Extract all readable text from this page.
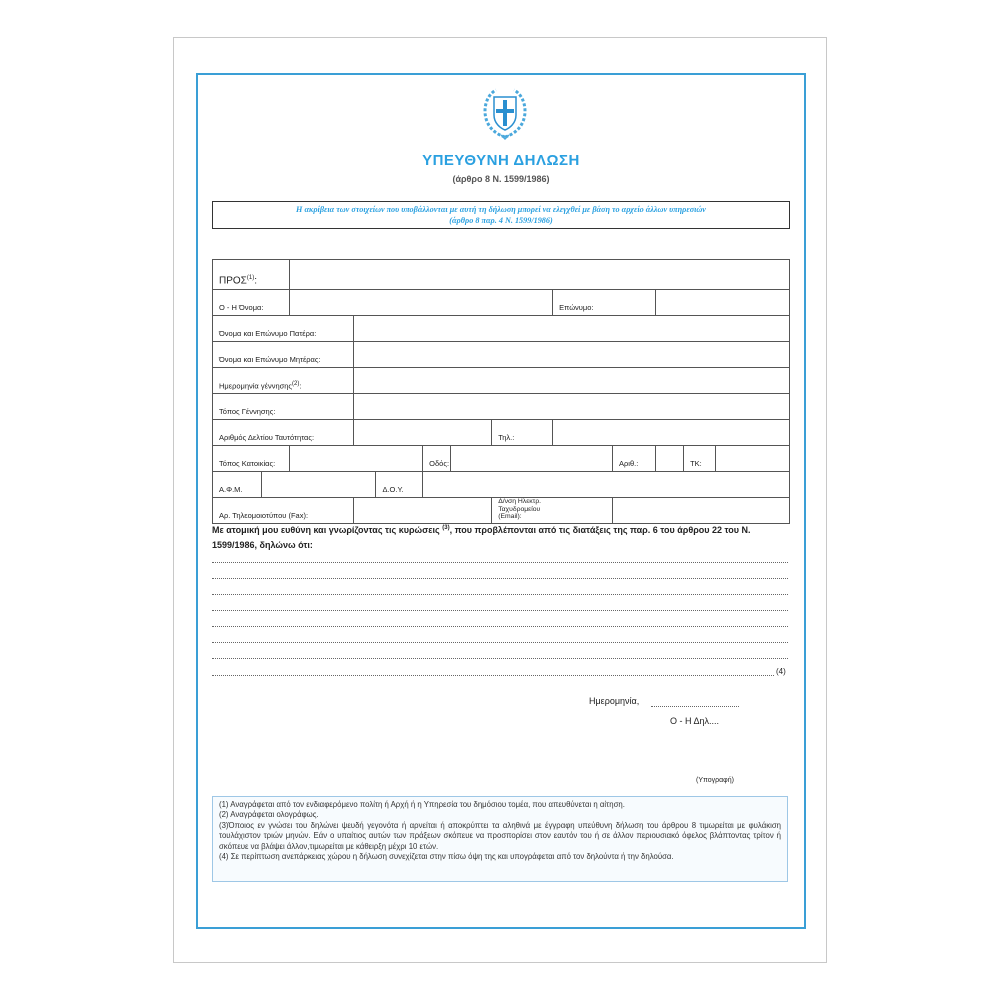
ΥΠΕΥΘΥΝΗ ΔΗΛΩΣΗ
(άρθρο 8 Ν. 1599/1986)
Η ακρίβεια των στοιχείων που υποβάλλονται με αυτή τη δήλωση μπορεί να ελεγχθεί με βάση το αρχείο άλλων υπηρεσιών
(άρθρο 8 παρ. 4 Ν. 1599/1986)
ΠΡΟΣ$^{(1)}$:												
Ο - Η Όνομα:								Επώνυμο:				
Όνομα και Επώνυμο Πατέρα:												
Όνομα και Επώνυμο Μητέρας:												
Ημερομηνία γέννησης$^{(2)}$:												
Τόπος Γέννησης:												
Αριθμός Δελτίου Ταυτότητας:							Τηλ.:					
Τόπος Κατοικίας:					Οδός:				Αριθ.:		ΤΚ:	
Α.Φ.Μ.				Δ.Ο.Υ.								
Αρ. Τηλεομοιοτύπου (Fax):							Δ/νση Ηλεκτρ.
Ταχυδρομείου
(Email):					

Με ατομική μου ευθύνη και γνωρίζοντας τις κυρώσεις $^{(3)}$, που προβλέπονται από τις διατάξεις της παρ. 6 του άρθρου 22 του Ν. 1599/1986, δηλώνω ότι:
(4)
Ημερομηνία,
Ο - Η Δηλ....
(Υπογραφή)

(1) Αναγράφεται από τον ενδιαφερόμενο πολίτη ή Αρχή ή η Υπηρεσία του δημόσιου τομέα, που απευθύνεται η αίτηση.

(2) Αναγράφεται ολογράφως.

(3)Όποιος εν γνώσει του δηλώνει ψευδή γεγονότα ή αρνείται ή αποκρύπτει τα αληθινά με έγγραφη υπεύθυνη δήλωση του άρθρου 8 τιμωρείται με φυλάκιση τουλάχιστον τριών μηνών. Εάν ο υπαίτιος αυτών των πράξεων σκόπευε να προσπορίσει στον εαυτόν του ή σε άλλον περιουσιακό όφελος βλάπτοντας τρίτον ή σκόπευε να βλάψει άλλον,τιμωρείται με κάθειρξη μέχρι 10 ετών.

(4) Σε περίπτωση ανεπάρκειας χώρου η δήλωση συνεχίζεται στην πίσω όψη της και υπογράφεται από τον δηλούντα ή την δηλούσα.
